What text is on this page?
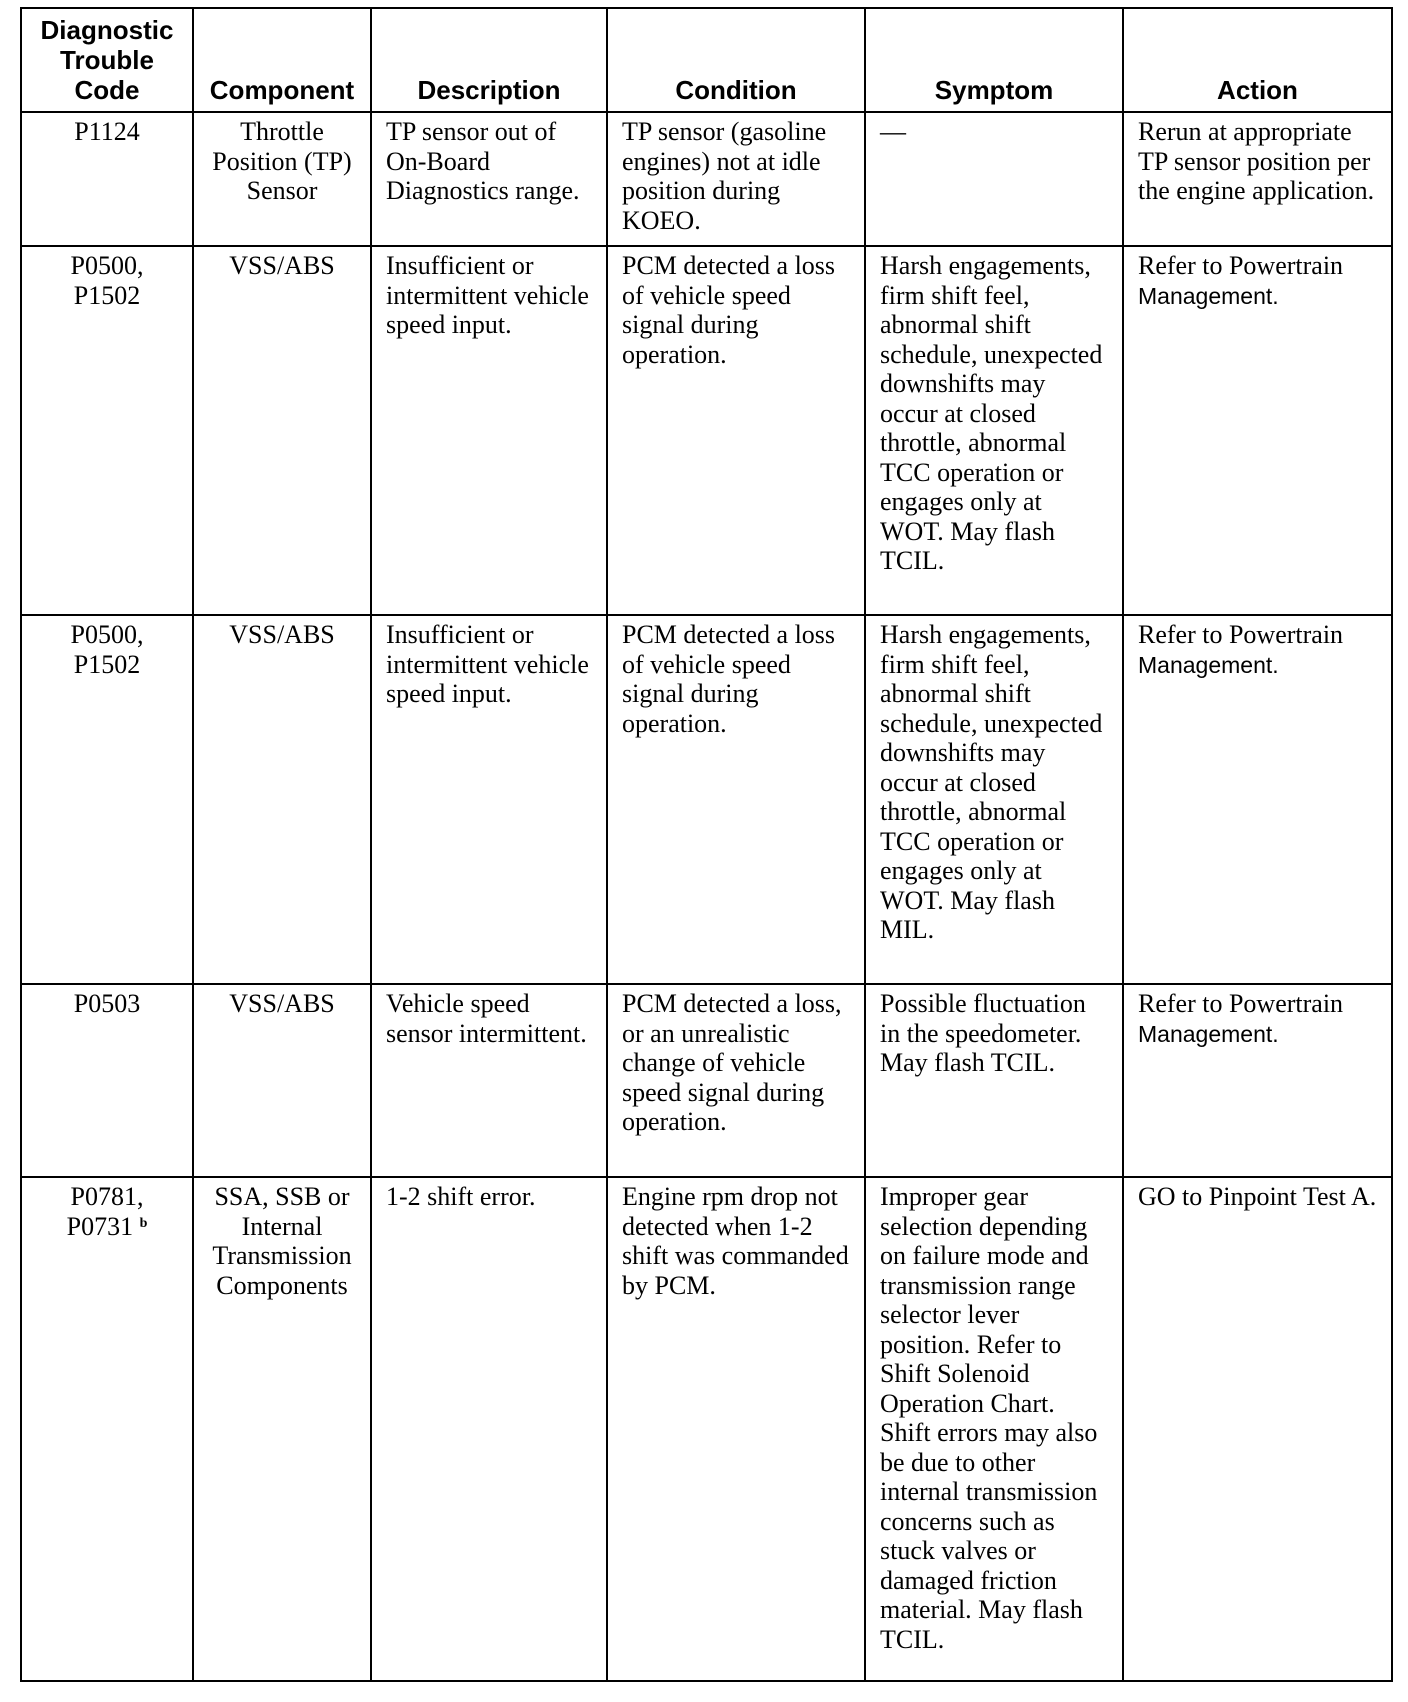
Diagnostic
Trouble
Code	Component	Description	Condition	Symptom	Action
P1124	Throttle Position (TP) Sensor	TP sensor out of On-Board Diagnostics range.	TP sensor (gasoline engines) not at idle position during KOEO.	—	Rerun at appropriate TP sensor position per the engine application.
P0500, P1502	VSS/ABS	Insufficient or intermittent vehicle speed input.	PCM detected a loss of vehicle speed signal during operation.	Harsh engagements, firm shift feel, abnormal shift schedule, unexpected downshifts may occur at closed throttle, abnormal TCC operation or engages only at WOT. May flash TCIL.	Refer to Powertrain Management.
P0500, P1502	VSS/ABS	Insufficient or intermittent vehicle speed input.	PCM detected a loss of vehicle speed signal during operation.	Harsh engagements, firm shift feel, abnormal shift schedule, unexpected downshifts may occur at closed throttle, abnormal TCC operation or engages only at WOT. May flash MIL.	Refer to Powertrain Management.
P0503	VSS/ABS	Vehicle speed sensor intermittent.	PCM detected a loss, or an unrealistic change of vehicle speed signal during operation.	Possible fluctuation in the speedometer. May flash TCIL.	Refer to Powertrain Management.
P0781, P0731 $^b$	SSA, SSB or Internal Transmission Components	1-2 shift error.	Engine rpm drop not detected when 1-2 shift was commanded by PCM.	Improper gear selection depending on failure mode and transmission range selector lever position. Refer to Shift Solenoid Operation Chart. Shift errors may also be due to other internal transmission concerns such as stuck valves or damaged friction material. May flash TCIL.	GO to Pinpoint Test A.
